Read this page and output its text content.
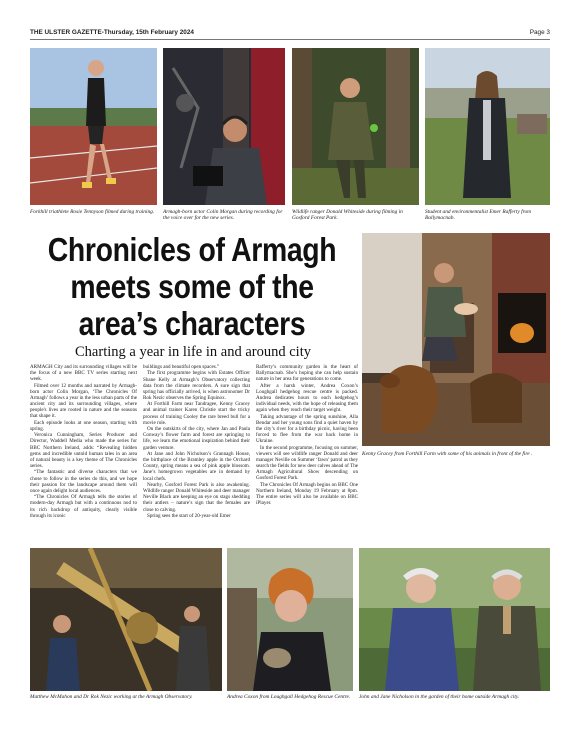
THE ULSTER GAZETTE-Thursday, 15th February 2024	Page 3
Forkhill triathlete Rosie Tennyson filmed during training.	Armagh-born actor Colin Morgan during recording for the voice over for the new series.
Wildlife ranger Donald Whiteside during filming in Gosford Forest Park.
Student and environmentalist Emer Rafferty from Ballymacnab.
Chronicles of Armagh meets some of the area’s characters
Charting a year in life in and around city
Kenny Gracey from Forthill Farm with some of his animals in front of the fire .

ARMAGH City and its surrounding villages will be the focus of a new BBC TV series starting next week.

Filmed over 12 months and narrated by Armagh-born actor Colin Morgan, ‘The Chronicles Of Armagh’ follows a year in the less urban parts of the ancient city and its surrounding villages, where people's lives are rooted in nature and the seasons that shape it.

Each episode looks at one season, starting with spring.

Veronica Cunningham, Series Producer and Director, Waddell Media who made the series for BBC Northern Ireland, adds: “Revealing hidden gems and incredible untold human tales in an area of natural beauty is a key theme of The Chronicles series.

“The fantastic and diverse characters that we chose to follow in the series do this, and we hope their passion for the landscape around them will once again delight local audiences.

“The Chronicles Of Armagh tells the stories of modern-day Armagh but with a continuous nod to its rich backdrop of antiquity, clearly visible through its iconic

buildings and beautiful open spaces.”

The first programme begins with Estates Officer Shane Kelly at Armagh’s Observatory collecting data from the climate recorders. A sure sign that spring has officially arrived, is when astronomer Dr Rok Nezic observes the Spring Equinox.

At Forthill Farm near Tandragee, Kenny Gracey and animal trainer Karen Christie start the tricky process of training Cooley the rare breed bull for a movie role.

On the outskirts of the city, where Jan and Paula Conway’s flower farm and forest are springing to life, we learn the emotional inspiration behind their garden venture.

At Jane and John Nicholson’s Grannagh House, the birthplace of the Bramley apple in the Orchard County, spring means a sea of pink apple blossom. Jane’s homegrown vegetables are in demand by local chefs.

Nearby, Gosford Forest Park is also awakening. Wildlife ranger Donald Whiteside and deer manager Neville Black are keeping an eye on stags shedding their antlers – nature’s sign that the females are close to calving.

Spring sees the start of 20-year-old Emer

Rafferty’s community garden in the heart of Ballymacnab. She’s hoping she can help sustain nature in her area for generations to come.

After a harsh winter, Andrea Coxon’s Loughgall hedgehog rescue centre is packed. Andrea dedicates hours to each hedgehog’s individual needs, with the hope of releasing them again when they reach their target weight.

Taking advantage of the spring sunshine, Alla Bendar and her young sons find a quiet haven by the city’s river for a birthday picnic, having been forced to flee from the war back home in Ukraine.

In the second programme, focusing on summer, viewers will see wildlife ranger Donald and deer manager Neville on Summer ‘fawn’ patrol as they search the fields for new deer calves ahead of The Armagh Agricultural Show descending on Gosford Forest Park.

The Chronicles Of Armagh begins on BBC One Northern Ireland, Monday 19 February at 8pm. The entire series will also be available on BBC iPlayer.

Matthew McMahon and Dr Rok Nezic working at the Armagh Observatory.	Andrea Coxon from Loughgall Hedgehog Rescue Centre.	John and Jane Nicholson in the garden of their home outside Armagh city.
